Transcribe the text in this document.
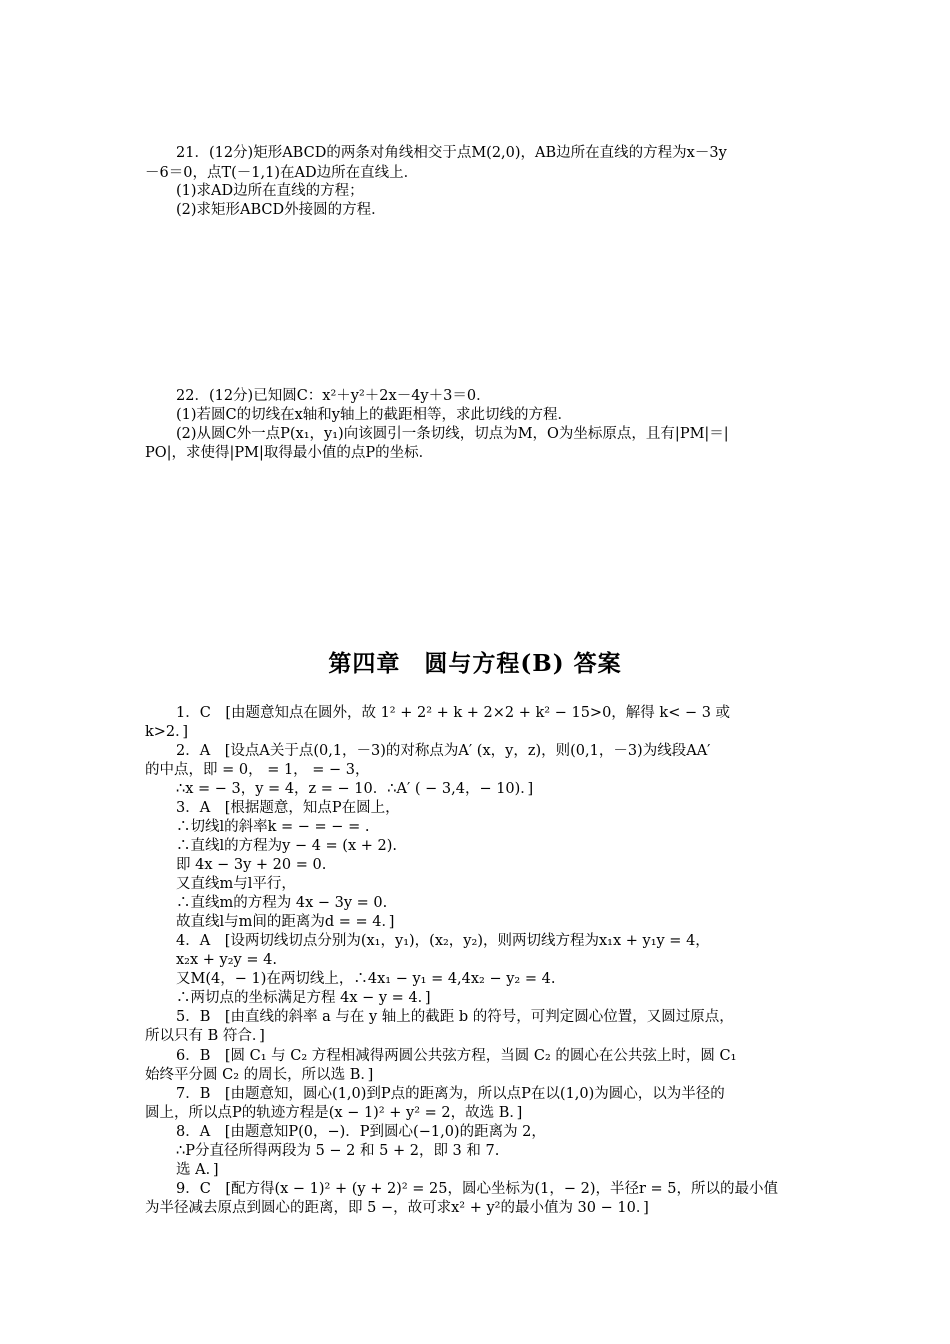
21．(12分)矩形ABCD的两条对角线相交于点M(2,0)，AB边所在直线的方程为x－3y
－6＝0，点T(－1,1)在AD边所在直线上．
(1)求AD边所在直线的方程；
(2)求矩形ABCD外接圆的方程．
22．(12分)已知圆C：x²＋y²＋2x－4y＋3＝0．
(1)若圆C的切线在x轴和y轴上的截距相等，求此切线的方程．
(2)从圆C外一点P(x₁，y₁)向该圆引一条切线，切点为M，O为坐标原点，且有|PM|＝|
PO|，求使得|PM|取得最小值的点P的坐标．
第四章　圆与方程(B) 答案
1．C　[由题意知点在圆外，故 1² + 2² + k + 2×2 + k² − 15>0，解得 k< − 3 或
k>2．]
2．A　[设点A关于点(0,1，－3)的对称点为A′ (x，y，z)，则(0,1，－3)为线段AA′
的中点，即 = 0， = 1， = − 3，
∴x = − 3，y = 4，z = − 10．∴A′ ( − 3,4，− 10)．]
3．A　[根据题意，知点P在圆上，
∴切线l的斜率k = − = − = .
∴直线l的方程为y − 4 = (x + 2).
即 4x − 3y + 20 = 0.
又直线m与l平行，
∴直线m的方程为 4x − 3y = 0.
故直线l与m间的距离为d = = 4．]
4．A　[设两切线切点分别为(x₁，y₁)，(x₂，y₂)，则两切线方程为x₁x + y₁y = 4，
x₂x + y₂y = 4.
又M(4，− 1)在两切线上，∴4x₁ − y₁ = 4,4x₂ − y₂ = 4.
∴两切点的坐标满足方程 4x − y = 4．]
5．B　[由直线的斜率 a 与在 y 轴上的截距 b 的符号，可判定圆心位置，又圆过原点，
所以只有 B 符合．]
6．B　[圆 C₁ 与 C₂ 方程相减得两圆公共弦方程，当圆 C₂ 的圆心在公共弦上时，圆 C₁
始终平分圆 C₂ 的周长，所以选 B．]
7．B　[由题意知，圆心(1,0)到P点的距离为，所以点P在以(1,0)为圆心，以为半径的
圆上，所以点P的轨迹方程是(x − 1)² + y² = 2，故选 B．]
8．A　[由题意知P(0，−)．P到圆心(−1,0)的距离为 2，
∴P分直径所得两段为 5 − 2 和 5 + 2，即 3 和 7.
选 A．]
9．C　[配方得(x − 1)² + (y + 2)² = 25，圆心坐标为(1，− 2)，半径r = 5，所以的最小值
为半径减去原点到圆心的距离，即 5 −，故可求x² + y²的最小值为 30 − 10．]
